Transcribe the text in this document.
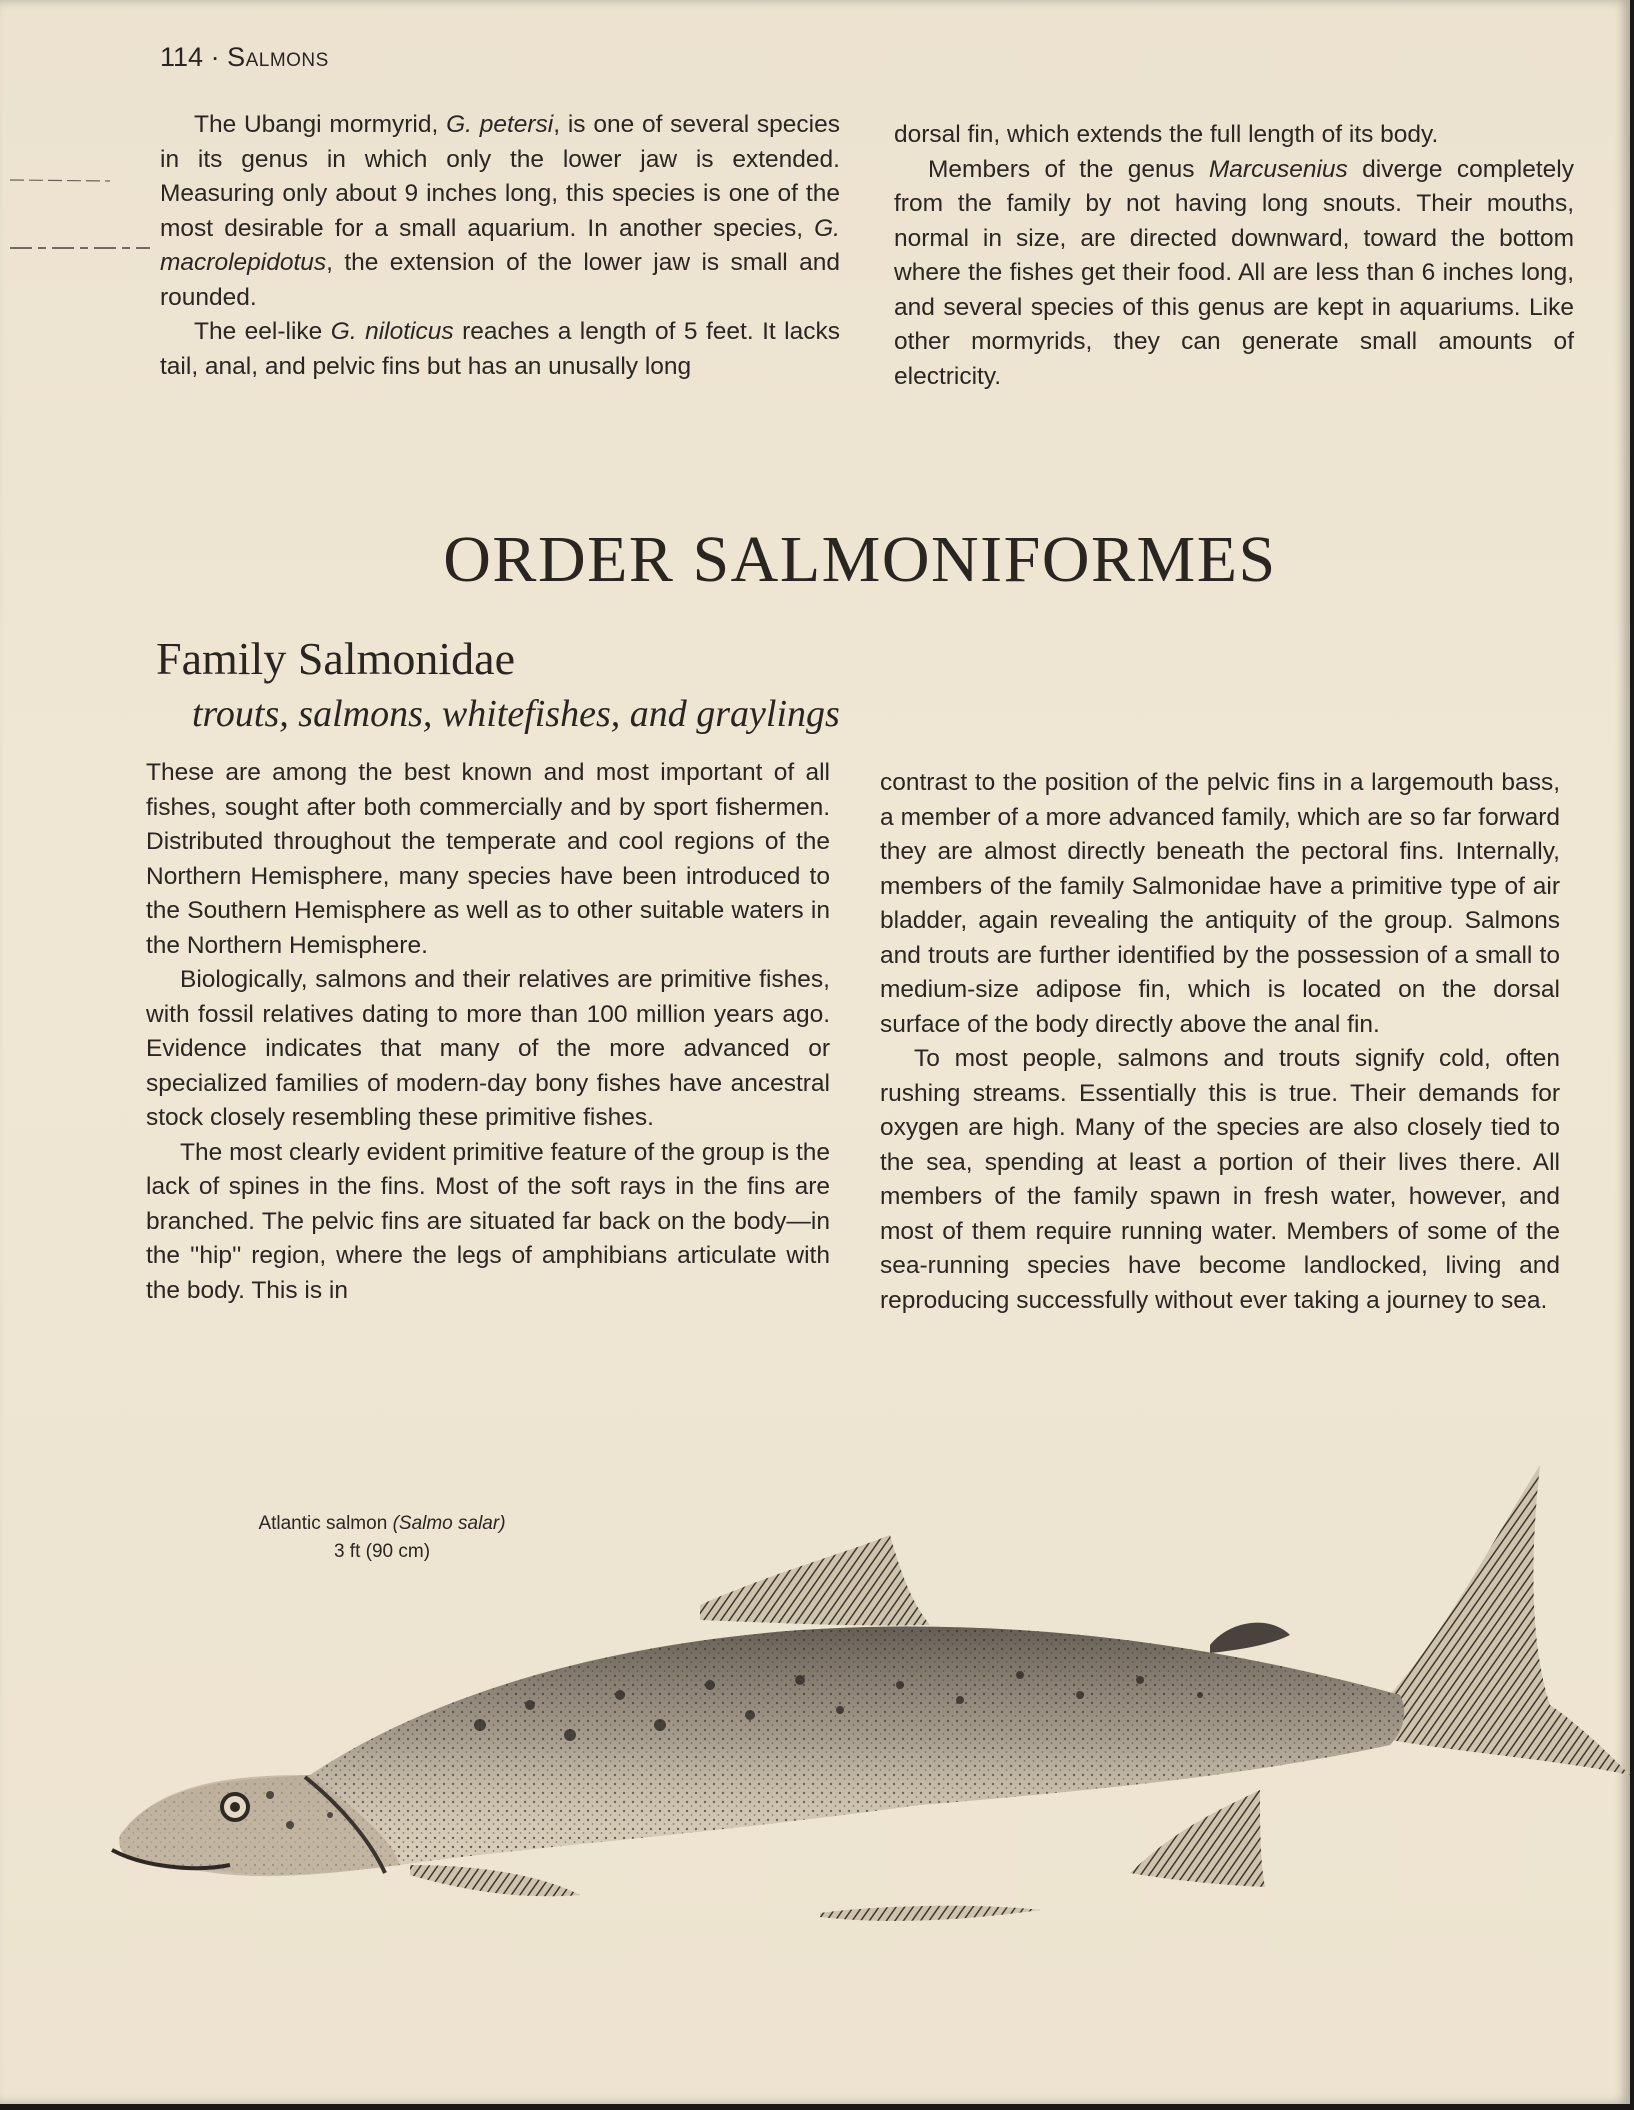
114 · Salmons

The Ubangi mormyrid, G. petersi, is one of several species in its genus in which only the lower jaw is extended. Measuring only about 9 inches long, this species is one of the most desirable for a small aquarium. In another species, G. macrolepidotus, the extension of the lower jaw is small and rounded.

The eel-like G. niloticus reaches a length of 5 feet. It lacks tail, anal, and pelvic fins but has an unusally long

dorsal fin, which extends the full length of its body.

Members of the genus Marcusenius diverge completely from the family by not having long snouts. Their mouths, normal in size, are directed downward, toward the bottom where the fishes get their food. All are less than 6 inches long, and several species of this genus are kept in aquariums. Like other mormyrids, they can generate small amounts of electricity.

ORDER SALMONIFORMES
Family Salmonidae
trouts, salmons, whitefishes, and graylings

These are among the best known and most important of all fishes, sought after both commercially and by sport fishermen. Distributed throughout the temperate and cool regions of the Northern Hemisphere, many species have been introduced to the Southern Hemisphere as well as to other suitable waters in the Northern Hemisphere.

Biologically, salmons and their relatives are primitive fishes, with fossil relatives dating to more than 100 million years ago. Evidence indicates that many of the more advanced or specialized families of modern-day bony fishes have ancestral stock closely resembling these primitive fishes.

The most clearly evident primitive feature of the group is the lack of spines in the fins. Most of the soft rays in the fins are branched. The pelvic fins are situated far back on the body—in the ''hip'' region, where the legs of amphibians articulate with the body. This is in

contrast to the position of the pelvic fins in a largemouth bass, a member of a more advanced family, which are so far forward they are almost directly beneath the pectoral fins. Internally, members of the family Salmonidae have a primitive type of air bladder, again revealing the antiquity of the group. Salmons and trouts are further identified by the possession of a small to medium-size adipose fin, which is located on the dorsal surface of the body directly above the anal fin.

To most people, salmons and trouts signify cold, often rushing streams. Essentially this is true. Their demands for oxygen are high. Many of the species are also closely tied to the sea, spending at least a portion of their lives there. All members of the family spawn in fresh water, however, and most of them require running water. Members of some of the sea-running species have become landlocked, living and reproducing successfully without ever taking a journey to sea.

Atlantic salmon (Salmo salar)
3 ft (90 cm)
